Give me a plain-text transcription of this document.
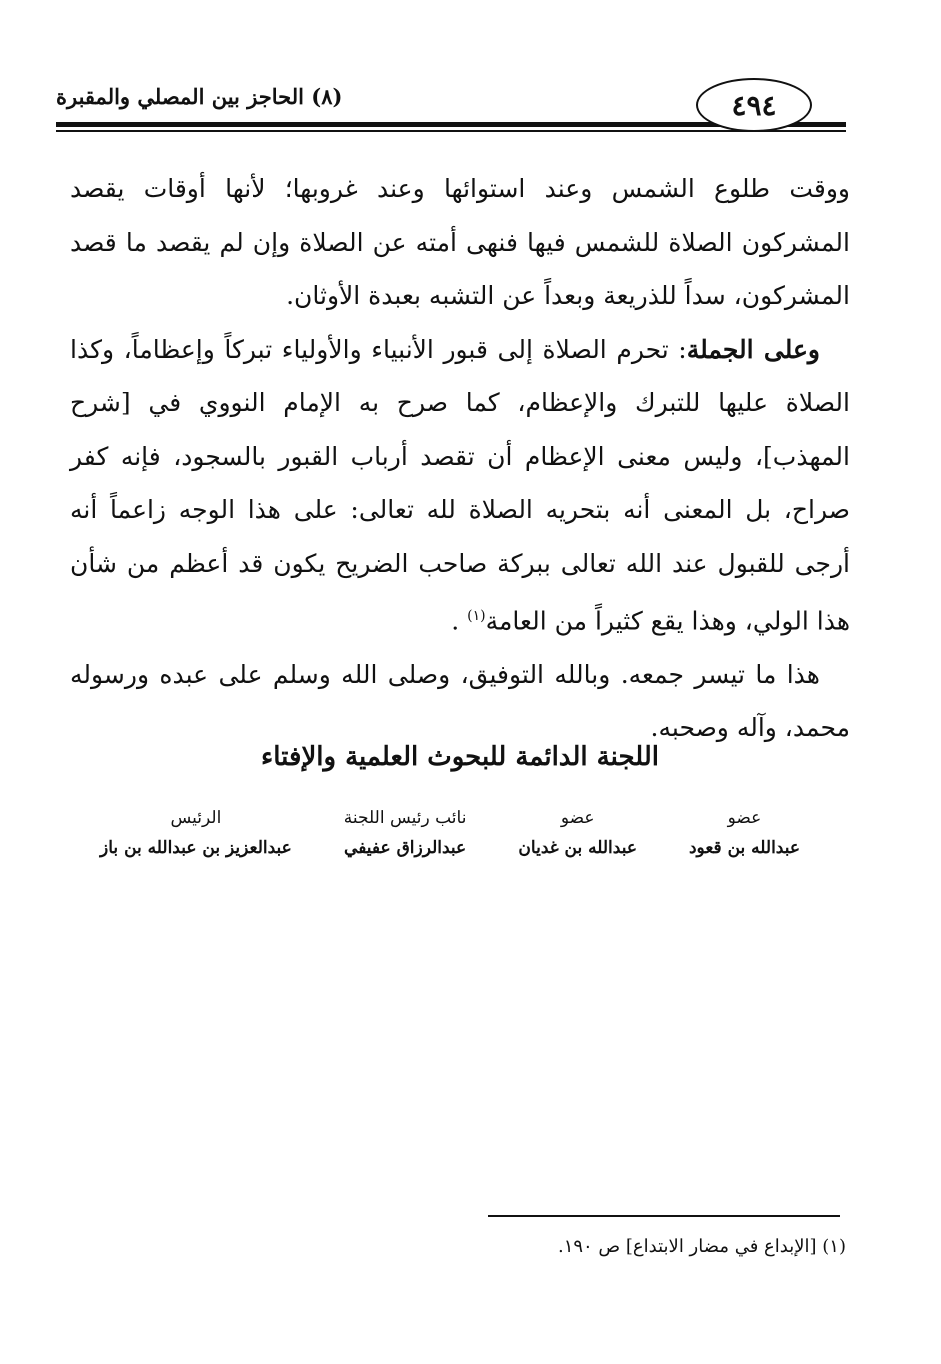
٤٩٤
(٨) الحاجز بين المصلي والمقبرة

ووقت طلوع الشمس وعند استوائها وعند غروبها؛ لأنها أوقات يقصد المشركون الصلاة للشمس فيها فنهى أمته عن الصلاة وإن لم يقصد ما قصد المشركون، سداً للذريعة وبعداً عن التشبه بعبدة الأوثان.

وعلى الجملة: تحرم الصلاة إلى قبور الأنبياء والأولياء تبركاً وإعظاماً، وكذا الصلاة عليها للتبرك والإعظام، كما صرح به الإمام النووي في [شرح المهذب]، وليس معنى الإعظام أن تقصد أرباب القبور بالسجود، فإنه كفر صراح، بل المعنى أنه بتحريه الصلاة لله تعالى: على هذا الوجه زاعماً أنه أرجى للقبول عند الله تعالى ببركة صاحب الضريح يكون قد أعظم من شأن هذا الولي، وهذا يقع كثيراً من العامة$^{(١)}$ .

هذا ما تيسر جمعه. وبالله التوفيق، وصلى الله وسلم على عبده ورسوله محمد، وآله وصحبه.

اللجنة الدائمة للبحوث العلمية والإفتاء
عضو
عبدالله بن قعود
عضو
عبدالله بن غديان
نائب رئيس اللجنة
عبدالرزاق عفيفي
الرئيس
عبدالعزيز بن عبدالله بن باز
(١) [الإبداع في مضار الابتداع] ص ١٩٠.
